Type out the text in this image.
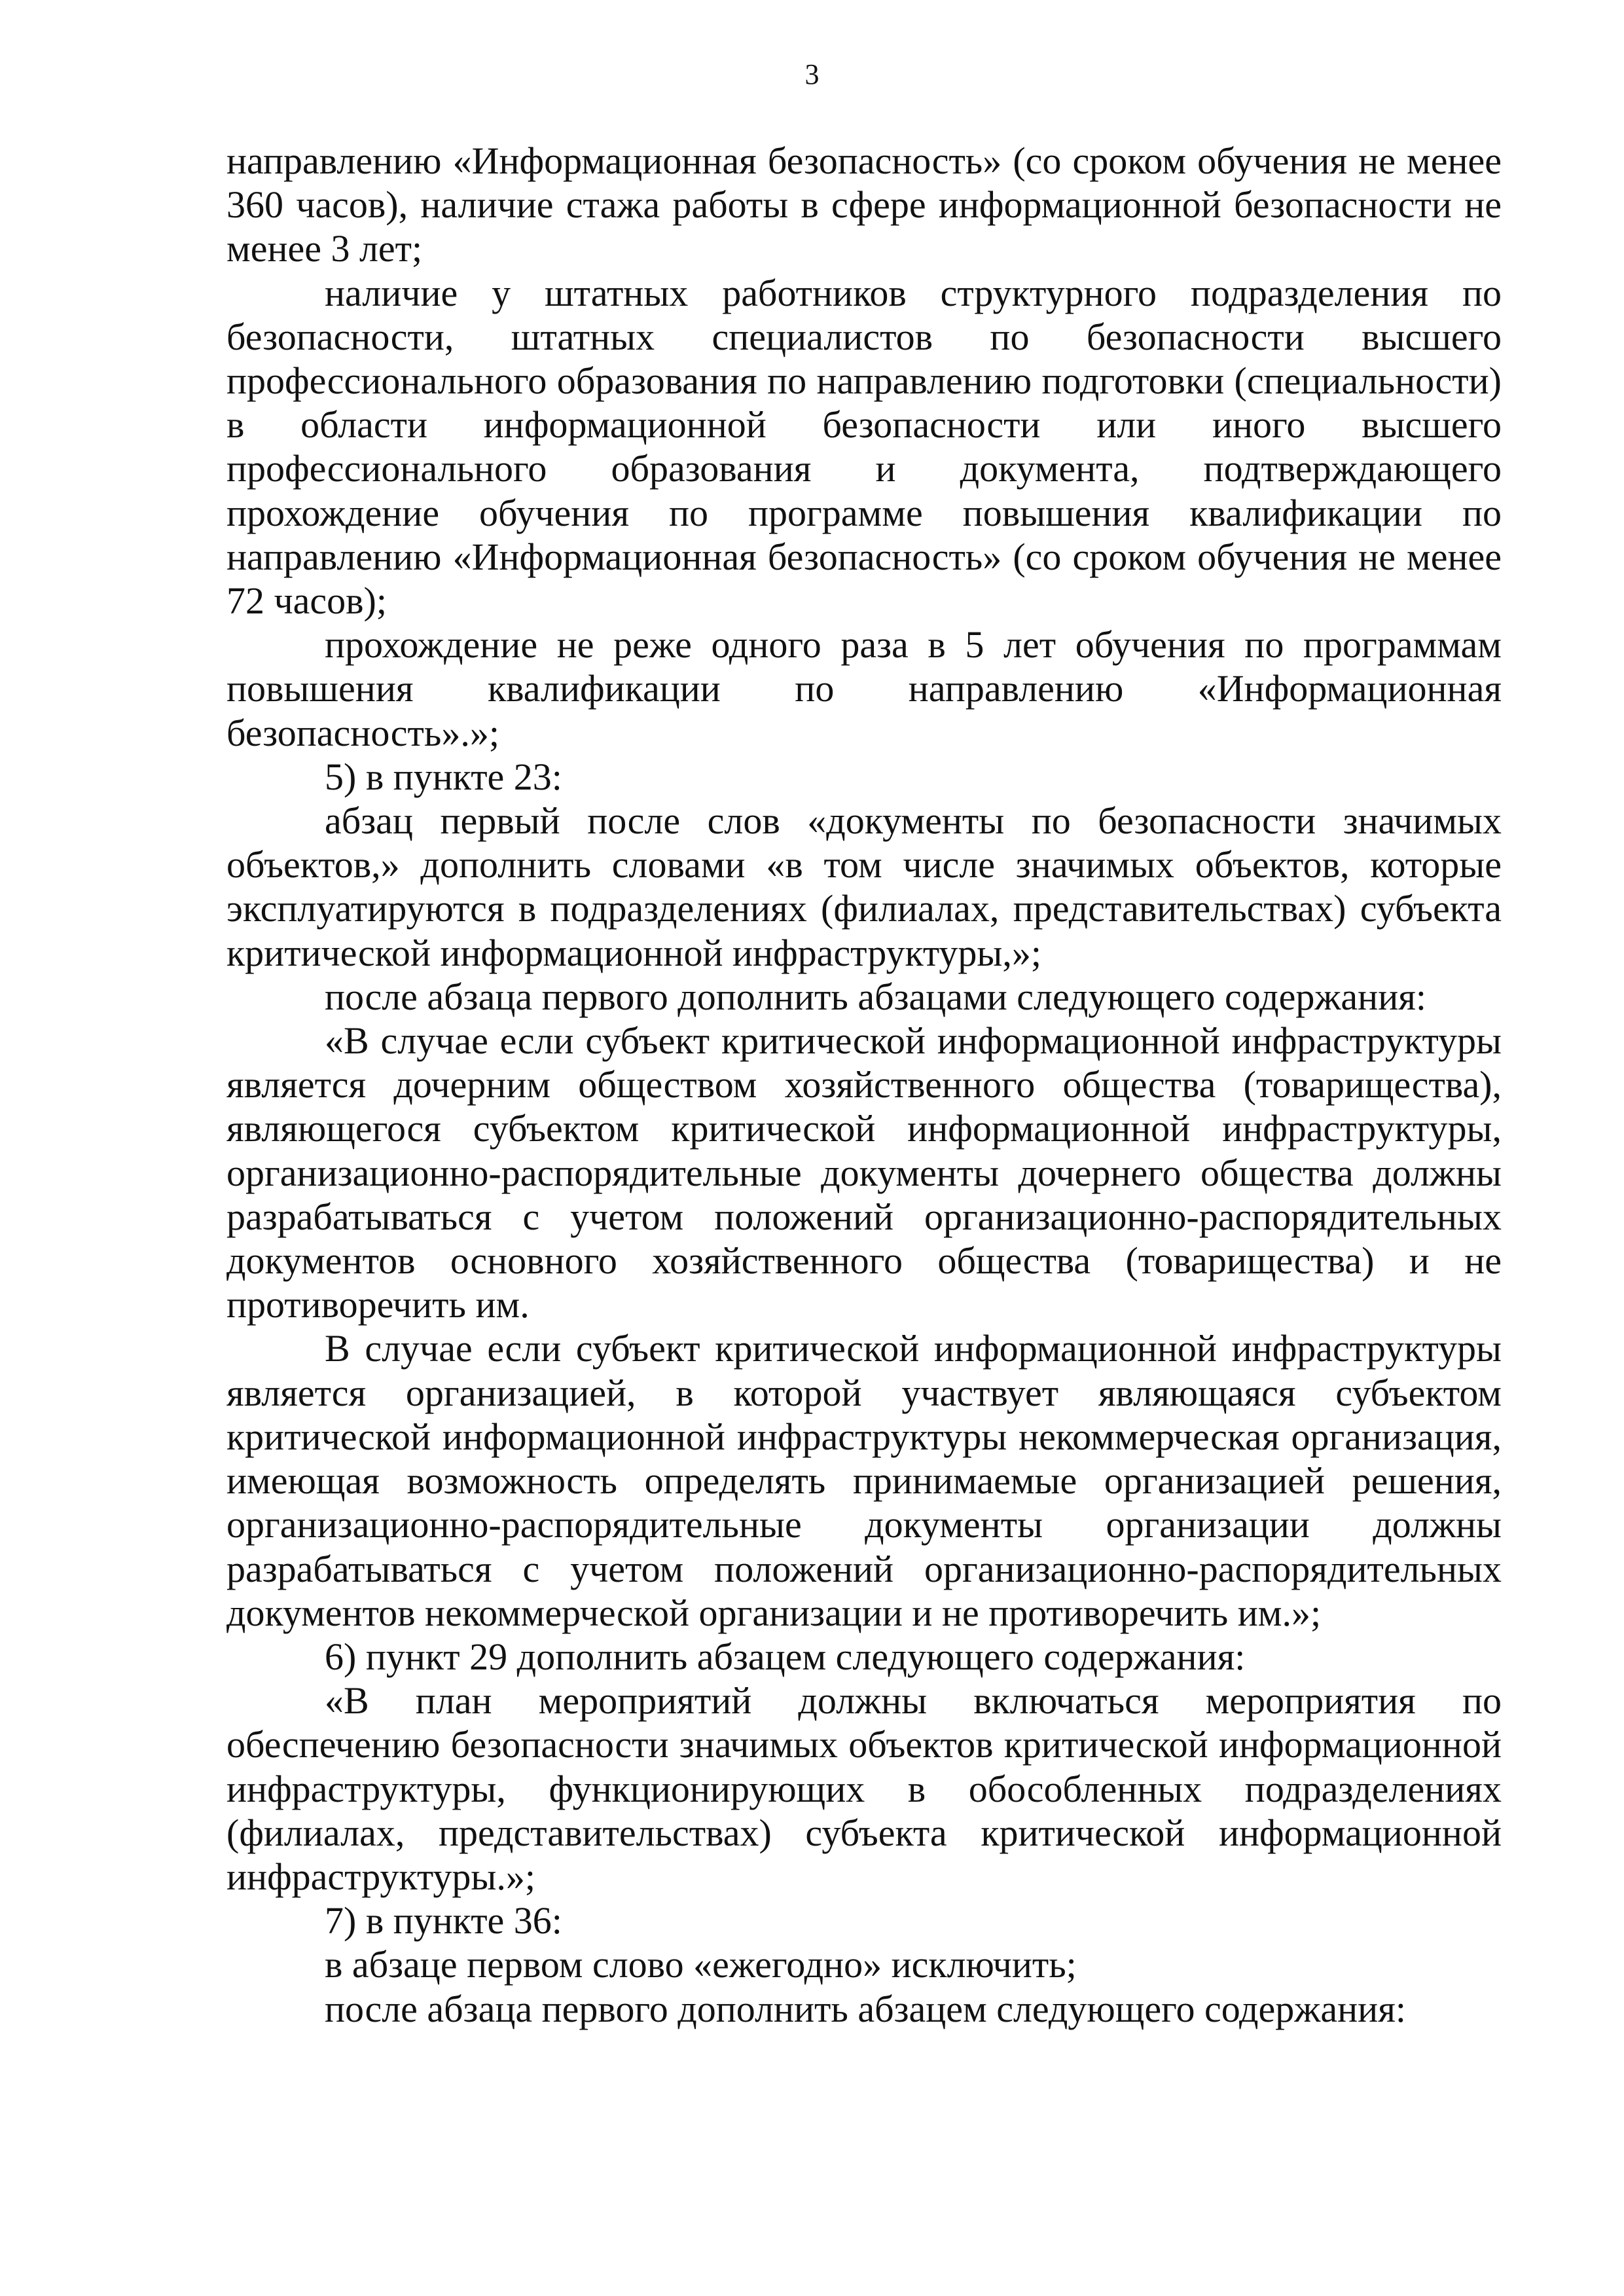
3

направлению «Информационная безопасность» (со сроком обучения не менее 360 часов), наличие стажа работы в сфере информационной безопасности не менее 3 лет;

наличие у штатных работников структурного подразделения по безопасности, штатных специалистов по безопасности высшего профессионального образования по направлению подготовки (специальности) в области информационной безопасности или иного высшего профессионального образования и документа, подтверждающего прохождение обучения по программе повышения квалификации по направлению «Информационная безопасность» (со сроком обучения не менее 72 часов);

прохождение не реже одного раза в 5 лет обучения по программам повышения квалификации по направлению «Информационная безопасность».»;

5) в пункте 23:

абзац первый после слов «документы по безопасности значимых объектов,» дополнить словами «в том числе значимых объектов, которые эксплуатируются в подразделениях (филиалах, представительствах) субъекта критической информационной инфраструктуры,»;

после абзаца первого дополнить абзацами следующего содержания:

«В случае если субъект критической информационной инфраструктуры является дочерним обществом хозяйственного общества (товарищества), являющегося субъектом критической информационной инфраструктуры, организационно-распорядительные документы дочернего общества должны разрабатываться с учетом положений организационно-распорядительных документов основного хозяйственного общества (товарищества) и не противоречить им.

В случае если субъект критической информационной инфраструктуры является организацией, в которой участвует являющаяся субъектом критической информационной инфраструктуры некоммерческая организация, имеющая возможность определять принимаемые организацией решения, организационно-распорядительные документы организации должны разрабатываться с учетом положений организационно-распорядительных документов некоммерческой организации и не противоречить им.»;

6) пункт 29 дополнить абзацем следующего содержания:

«В план мероприятий должны включаться мероприятия по обеспечению безопасности значимых объектов критической информационной инфраструктуры, функционирующих в обособленных подразделениях (филиалах, представительствах) субъекта критической информационной инфраструктуры.»;

7) в пункте 36:

в абзаце первом слово «ежегодно» исключить;

после абзаца первого дополнить абзацем следующего содержания:
